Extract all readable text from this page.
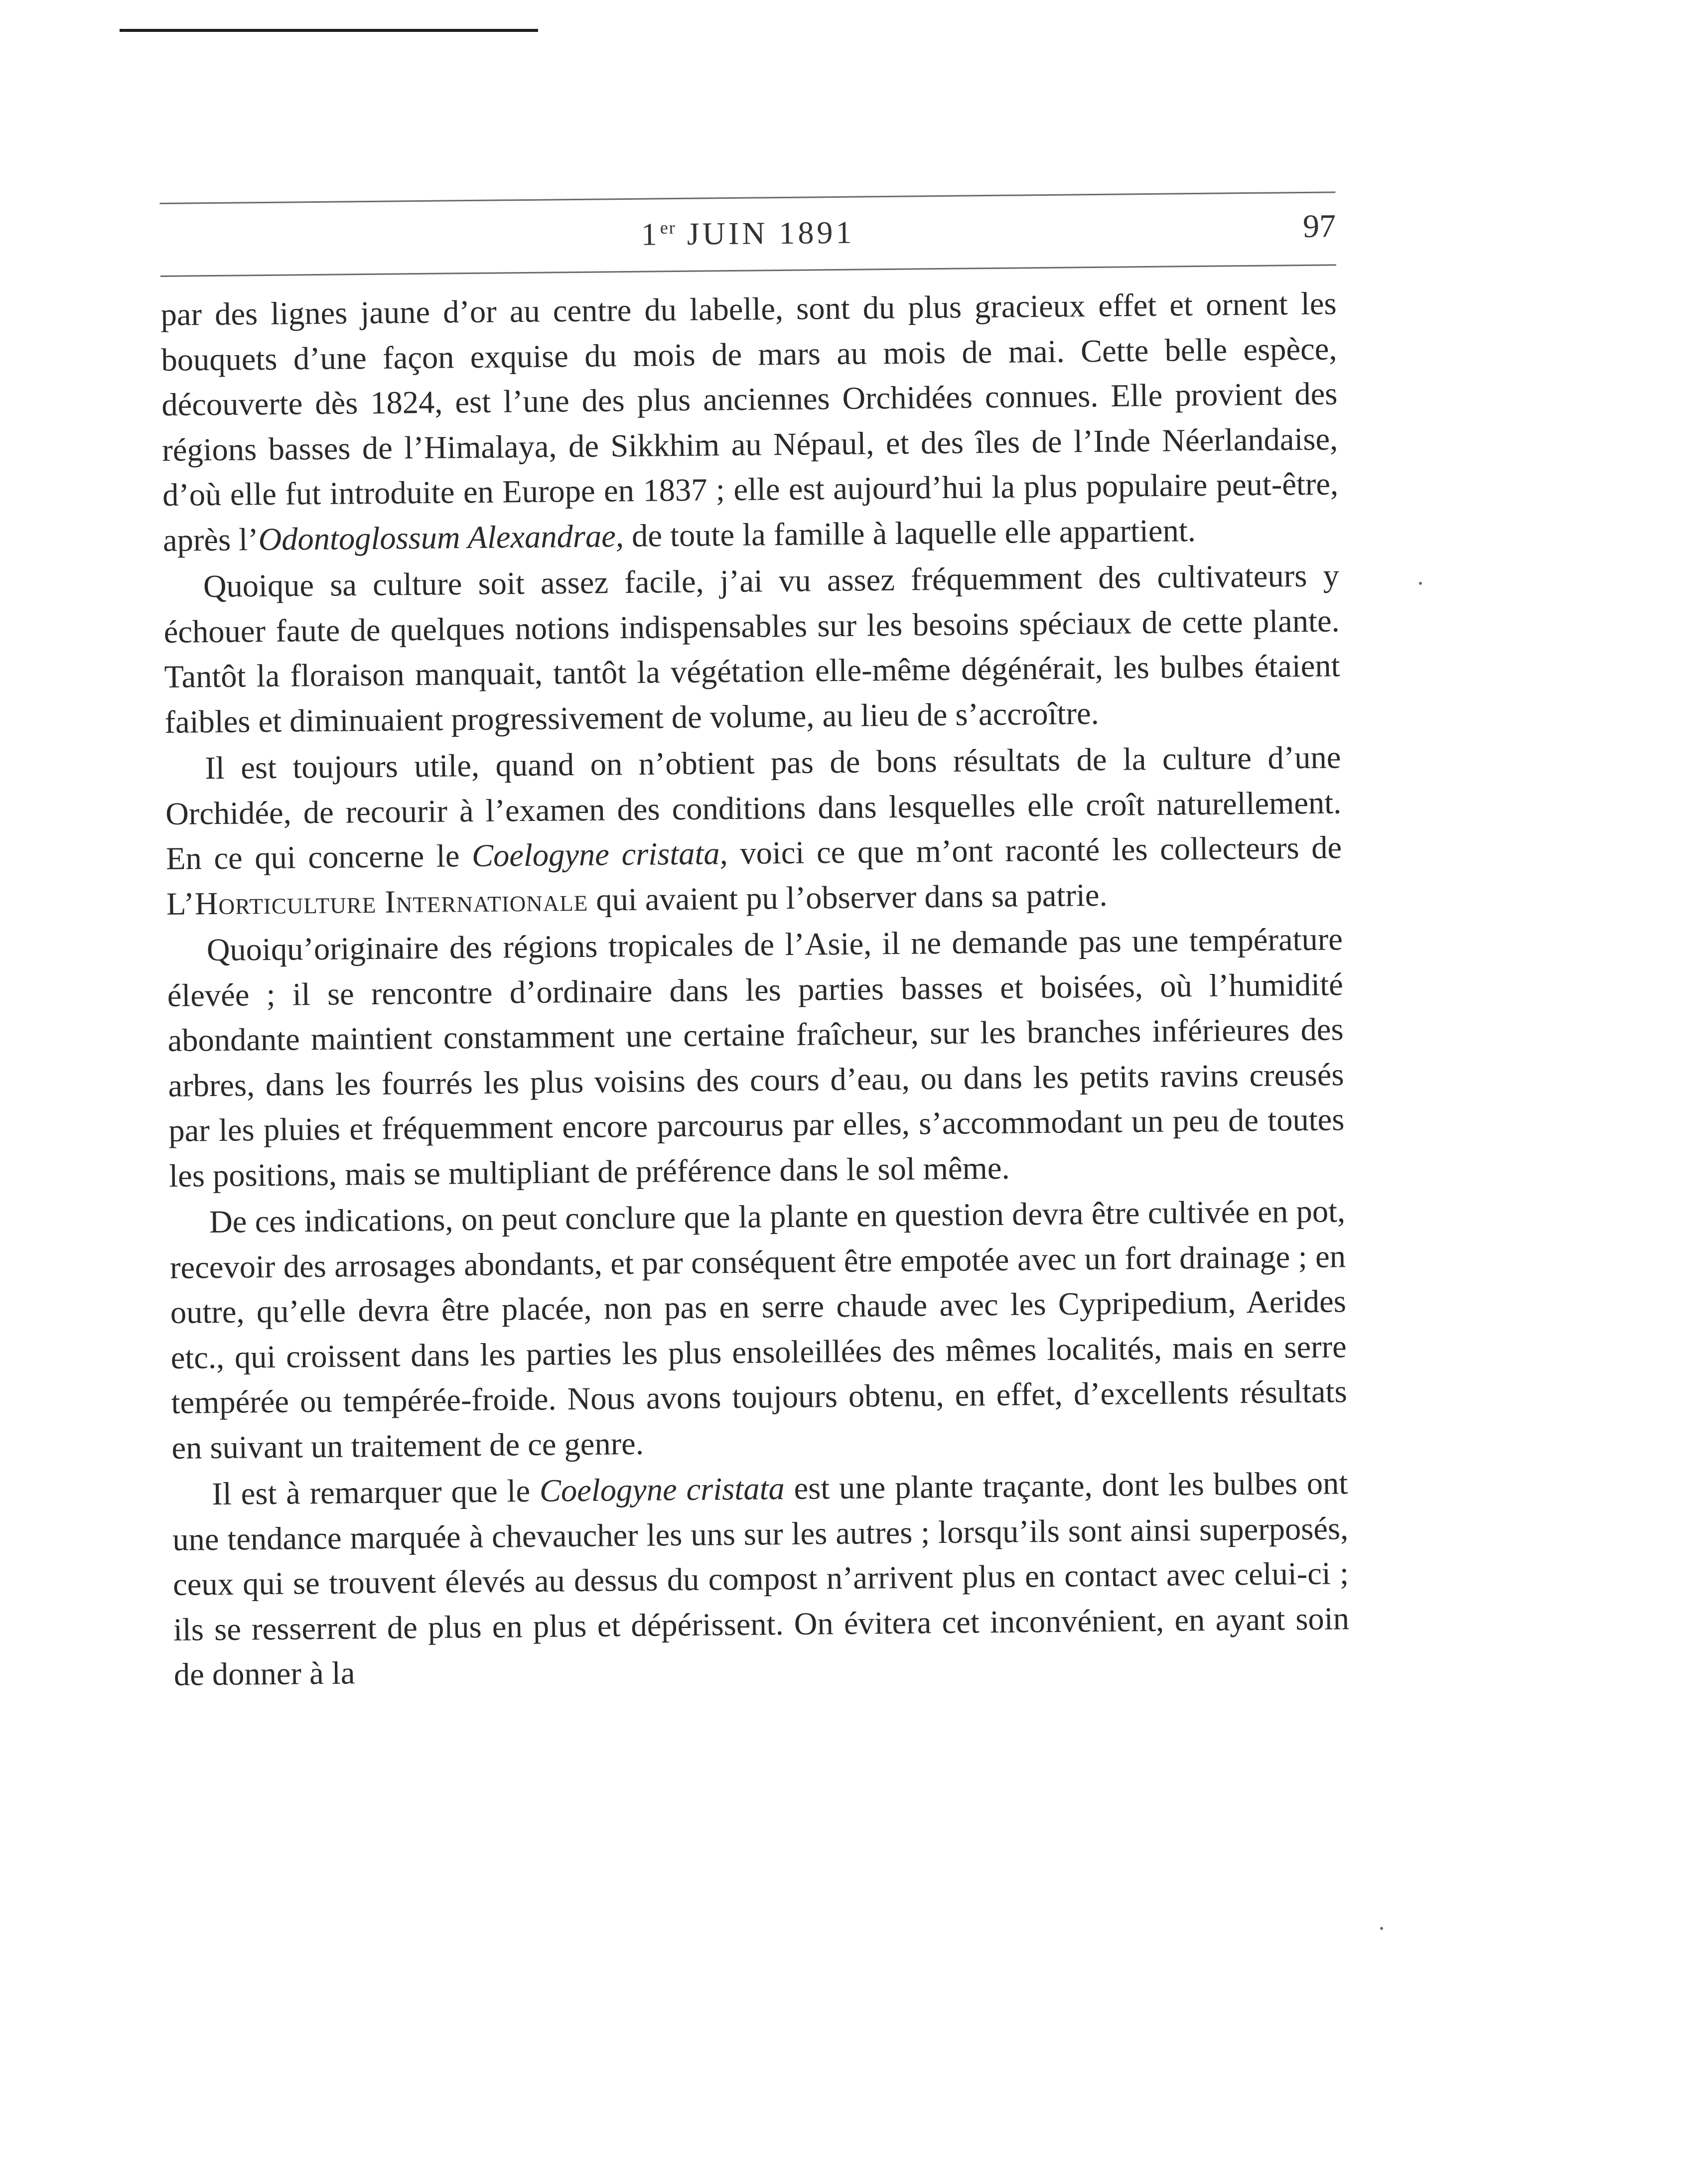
1er JUIN 1891	97

par des lignes jaune d’or au centre du labelle, sont du plus gracieux effet et ornent les bouquets d’une façon exquise du mois de mars au mois de mai. Cette belle espèce, découverte dès 1824, est l’une des plus anciennes Orchidées connues. Elle provient des régions basses de l’Himalaya, de Sikkhim au Népaul, et des îles de l’Inde Néerlandaise, d’où elle fut introduite en Europe en 1837 ; elle est aujourd’hui la plus populaire peut-être, après l’Odontoglossum Alexandrae, de toute la famille à laquelle elle appartient.

Quoique sa culture soit assez facile, j’ai vu assez fréquemment des cultivateurs y échouer faute de quelques notions indispensables sur les besoins spéciaux de cette plante. Tantôt la floraison manquait, tantôt la végétation elle-même dégénérait, les bulbes étaient faibles et diminuaient progressivement de volume, au lieu de s’accroître.

Il est toujours utile, quand on n’obtient pas de bons résultats de la culture d’une Orchidée, de recourir à l’examen des conditions dans lesquelles elle croît naturellement. En ce qui concerne le Coelogyne cristata, voici ce que m’ont raconté les collecteurs de L’Horticulture Internationale qui avaient pu l’observer dans sa patrie.

Quoiqu’originaire des régions tropicales de l’Asie, il ne demande pas une température élevée ; il se rencontre d’ordinaire dans les parties basses et boisées, où l’humidité abondante maintient constamment une certaine fraîcheur, sur les branches inférieures des arbres, dans les fourrés les plus voisins des cours d’eau, ou dans les petits ravins creusés par les pluies et fréquemment encore parcourus par elles, s’accommodant un peu de toutes les positions, mais se multipliant de préférence dans le sol même.

De ces indications, on peut conclure que la plante en question devra être cultivée en pot, recevoir des arrosages abondants, et par conséquent être empotée avec un fort drainage ; en outre, qu’elle devra être placée, non pas en serre chaude avec les Cypripedium, Aerides etc., qui croissent dans les parties les plus ensoleillées des mêmes localités, mais en serre tempérée ou tempérée-froide. Nous avons toujours obtenu, en effet, d’excellents résultats en suivant un traitement de ce genre.

Il est à remarquer que le Coelogyne cristata est une plante traçante, dont les bulbes ont une tendance marquée à chevaucher les uns sur les autres ; lorsqu’ils sont ainsi superposés, ceux qui se trouvent élevés au dessus du compost n’arrivent plus en contact avec celui-ci ; ils se resserrent de plus en plus et dépérissent. On évitera cet inconvénient, en ayant soin de donner à la
